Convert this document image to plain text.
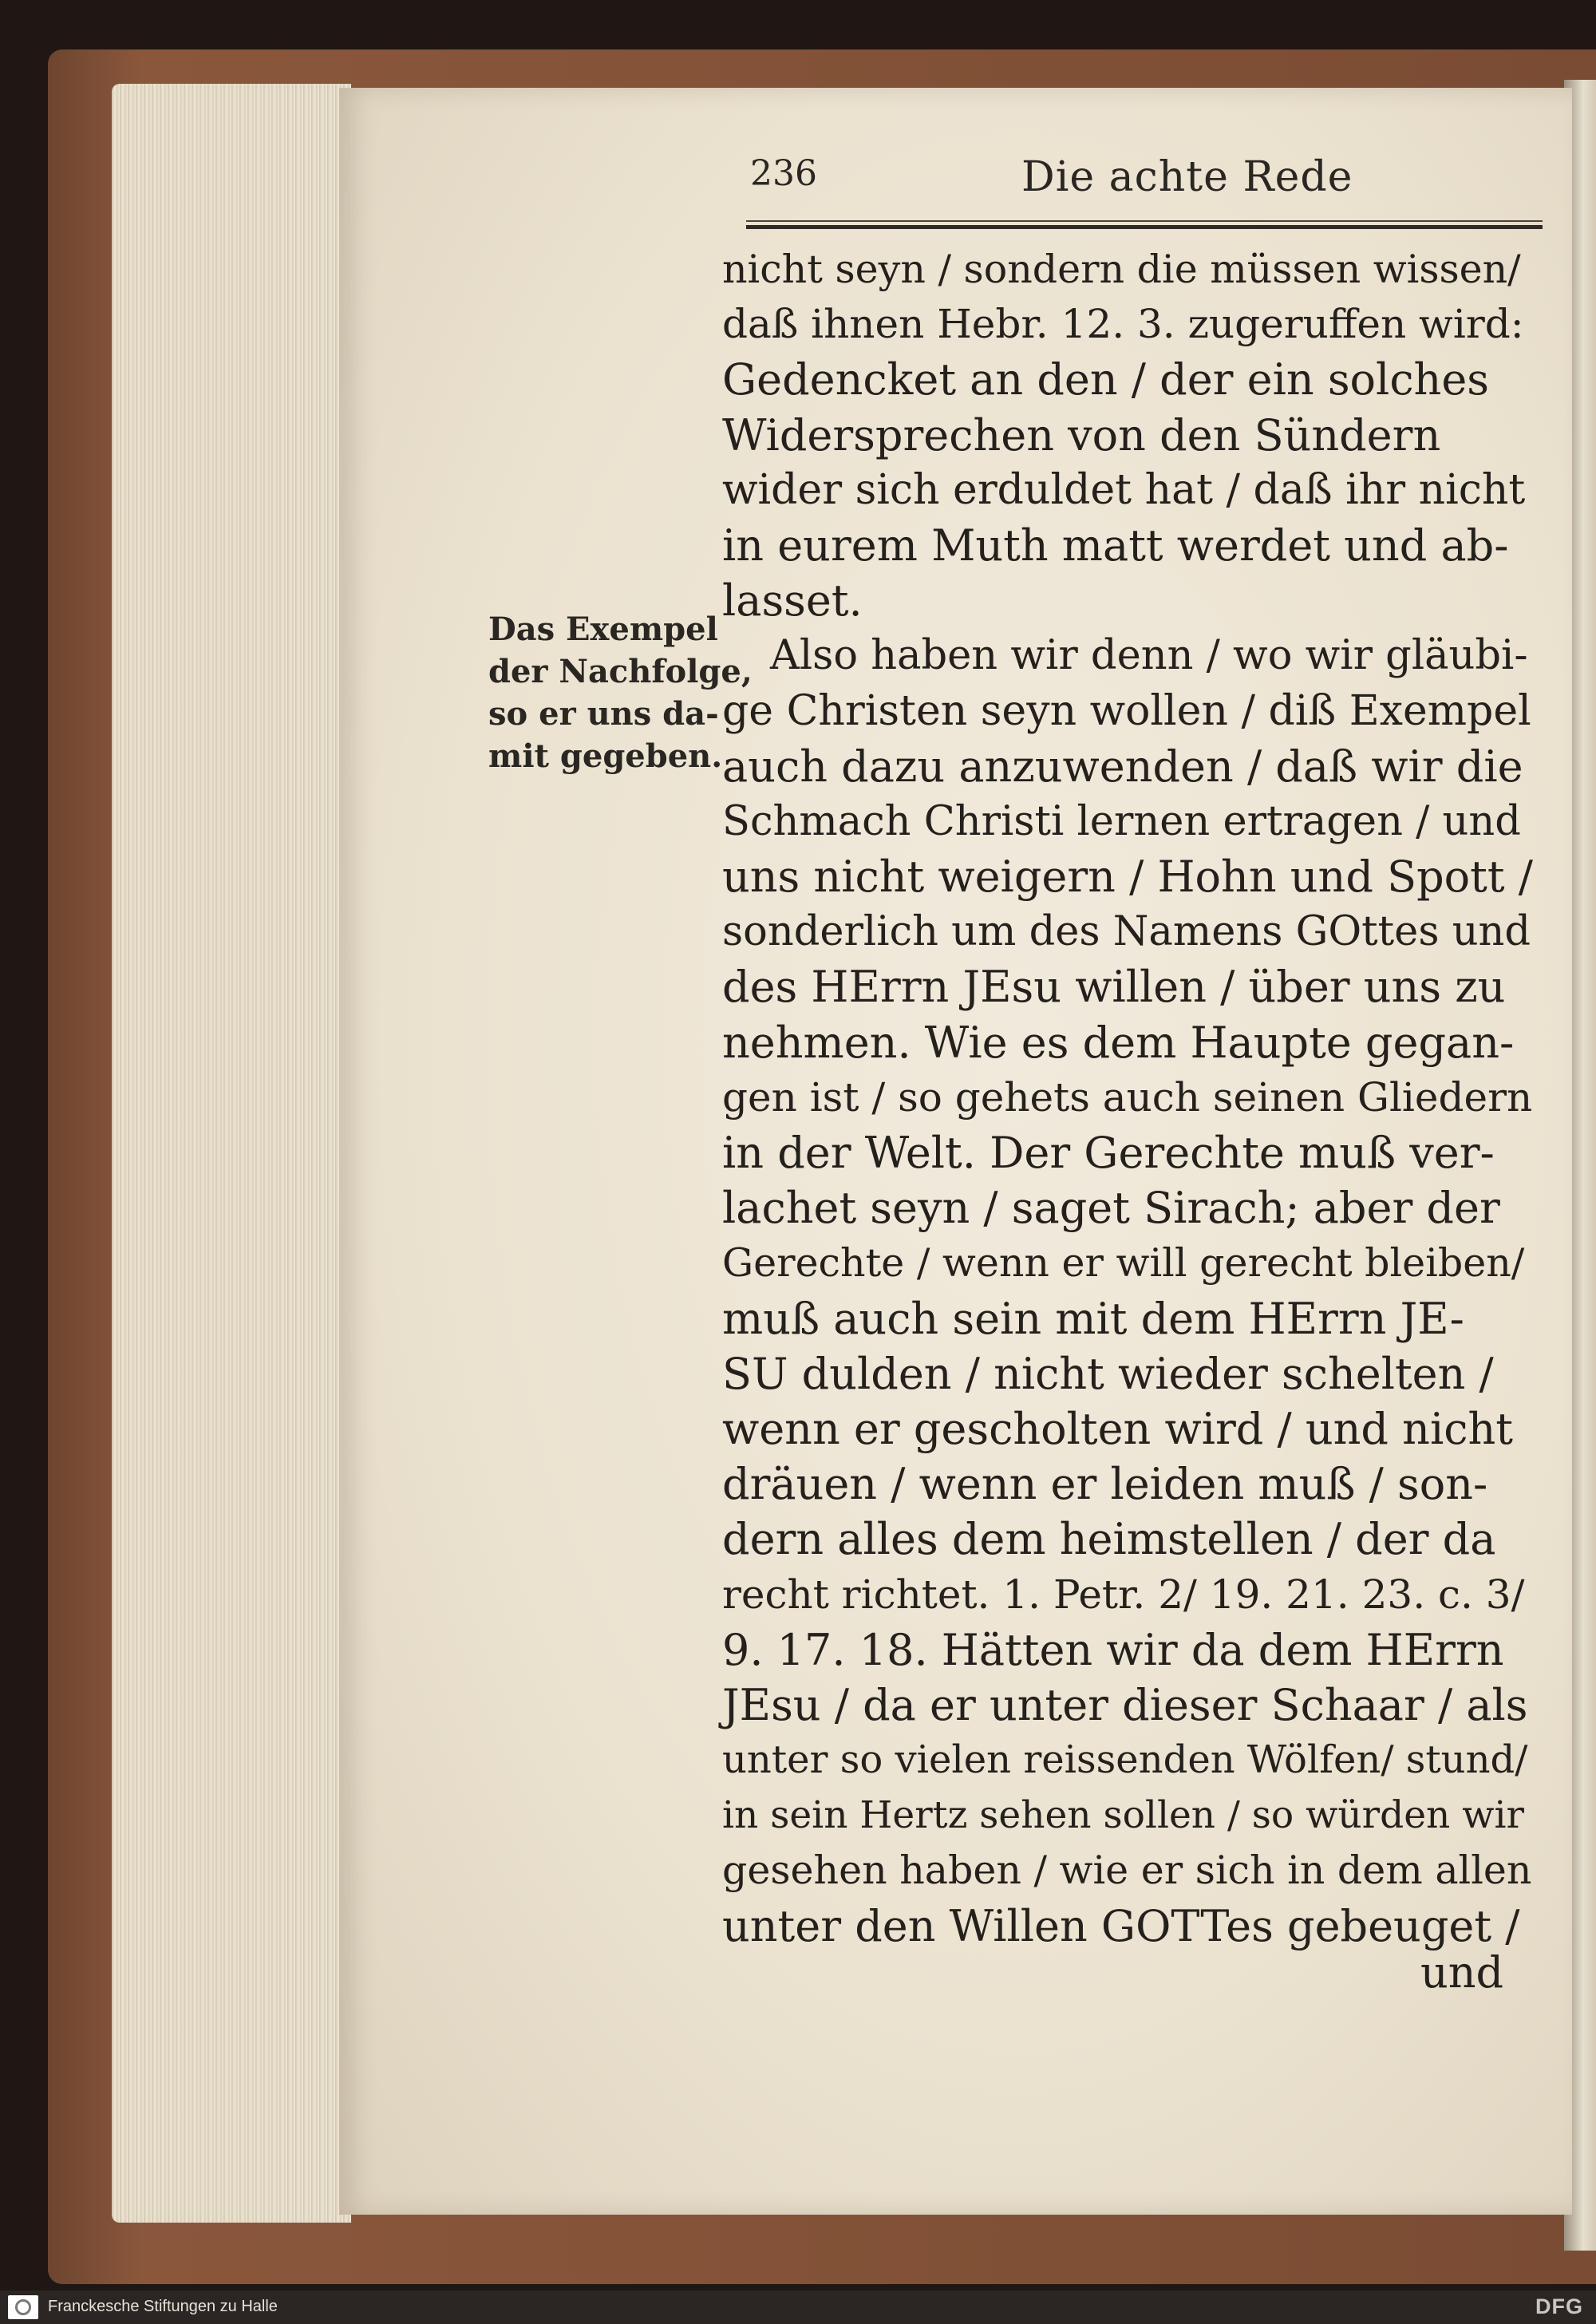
236	Die achte Rede
Das Exempel
der Nachfolge,
so er uns da-
mit gegeben.
nicht seyn / sondern die müssen wissen/
daß ihnen Hebr. 12. 3. zugeruffen wird:
Gedencket an den / der ein solches
Widersprechen von den Sündern
wider sich erduldet hat / daß ihr nicht
in eurem Muth matt werdet und ab-
lasset.
Also haben wir denn / wo wir gläubi-
ge Christen seyn wollen / diß Exempel
auch dazu anzuwenden / daß wir die
Schmach Christi lernen ertragen / und
uns nicht weigern / Hohn und Spott /
sonderlich um des Namens GOttes und
des HErrn JEsu willen / über uns zu
nehmen. Wie es dem Haupte gegan-
gen ist / so gehets auch seinen Gliedern
in der Welt. Der Gerechte muß ver-
lachet seyn / saget Sirach; aber der
Gerechte / wenn er will gerecht bleiben/
muß auch sein mit dem HErrn JE-
SU dulden / nicht wieder schelten /
wenn er gescholten wird / und nicht
dräuen / wenn er leiden muß / son-
dern alles dem heimstellen / der da
recht richtet. 1. Petr. 2/ 19. 21. 23. c. 3/
9. 17. 18. Hätten wir da dem HErrn
JEsu / da er unter dieser Schaar / als
unter so vielen reissenden Wölfen/ stund/
in sein Hertz sehen sollen / so würden wir
gesehen haben / wie er sich in dem allen
unter den Willen GOTTes gebeuget /
und
Franckesche Stiftungen zu Halle	DFG
